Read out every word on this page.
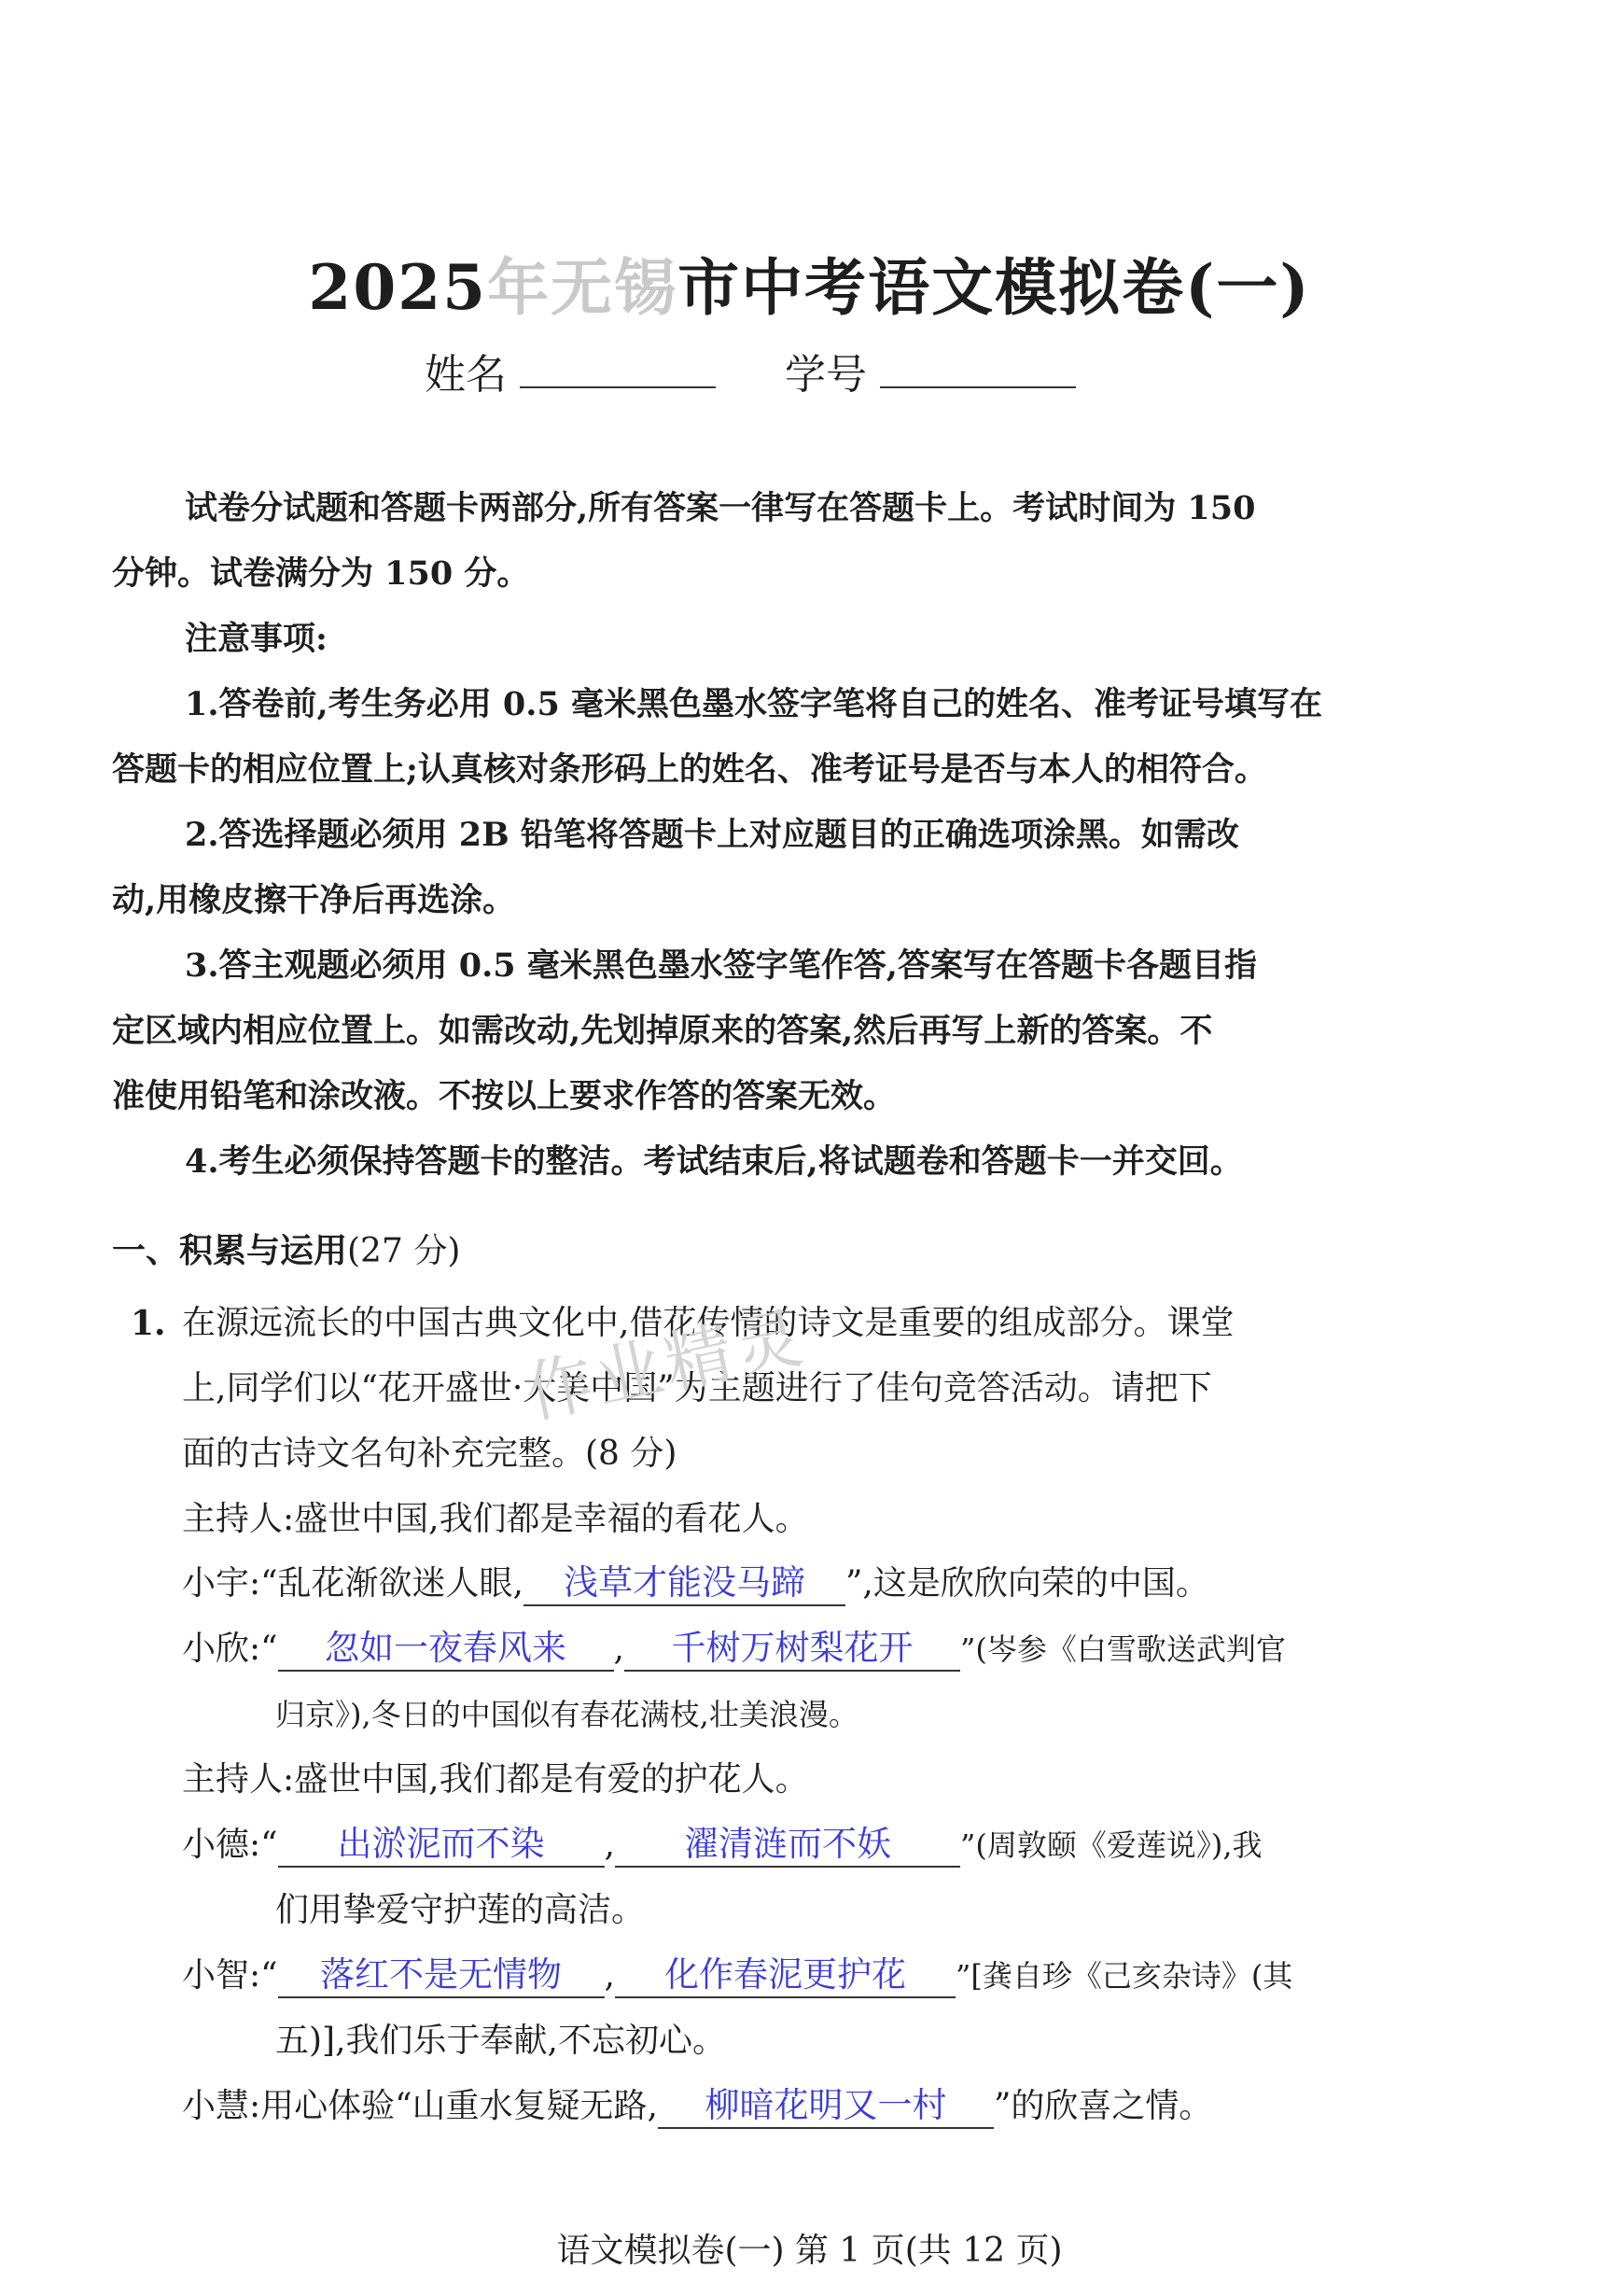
2025年无锡市中考语文模拟卷(一)
姓名	学号
试卷分试题和答题卡两部分,所有答案一律写在答题卡上。考试时间为 150
分钟。试卷满分为 150 分。
注意事项:
1.答卷前,考生务必用 0.5 毫米黑色墨水签字笔将自己的姓名、准考证号填写在
答题卡的相应位置上;认真核对条形码上的姓名、准考证号是否与本人的相符合。
2.答选择题必须用 2B 铅笔将答题卡上对应题目的正确选项涂黑。如需改
动,用橡皮擦干净后再选涂。
3.答主观题必须用 0.5 毫米黑色墨水签字笔作答,答案写在答题卡各题目指
定区域内相应位置上。如需改动,先划掉原来的答案,然后再写上新的答案。不
准使用铅笔和涂改液。不按以上要求作答的答案无效。
4.考生必须保持答题卡的整洁。考试结束后,将试题卷和答题卡一并交回。
一、积累与运用(27 分)
1. 在源远流长的中国古典文化中,借花传情的诗文是重要的组成部分。课堂
上,同学们以“花开盛世·大美中国”为主题进行了佳句竞答活动。请把下
面的古诗文名句补充完整。(8 分)
主持人:盛世中国,我们都是幸福的看花人。
小宇:“乱花渐欲迷人眼, 浅草才能没马蹄 ”,这是欣欣向荣的中国。
小欣:“ 忽如一夜春风来 , 千树万树梨花开 ”(岑参《白雪歌送武判官
归京》),冬日的中国似有春花满枝,壮美浪漫。
主持人:盛世中国,我们都是有爱的护花人。
小德:“ 出淤泥而不染 , 濯清涟而不妖 ”(周敦颐《爱莲说》),我
们用挚爱守护莲的高洁。
小智:“ 落红不是无情物 , 化作春泥更护花 ”[龚自珍《己亥杂诗》(其
五)],我们乐于奉献,不忘初心。
小慧:用心体验“山重水复疑无路, 柳暗花明又一村 ”的欣喜之情。
作业精灵
语文模拟卷(一) 第 1 页(共 12 页)
